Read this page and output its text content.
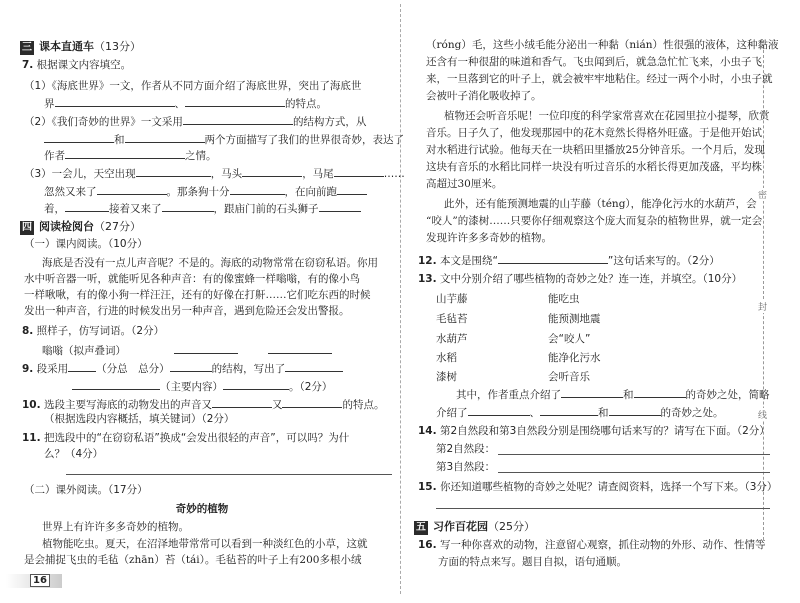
密
封
线
三 课本直通车（13分）
7. 根据课文内容填空。
（1）《海底世界》一文，作者从不同方面介绍了海底世界，突出了海底世
界	、	的特点。
（2）《我们奇妙的世界》一文采用	的结构方式，从
和	两个方面描写了我们的世界很奇妙，表达了
作者	之情。
（3）一会儿，天空出现	，马头	，马尾	……
忽然又来了	。那条狗十分	，在向前跑
着，	接着又来了	，跟庙门前的石头狮子
四 阅读检阅台（27分）
（一）课内阅读。（10分）
海底是否没有一点儿声音呢？不是的。海底的动物常常在窃窃私语。你用
水中听音器一听，就能听见各种声音：有的像蜜蜂一样嗡嗡，有的像小鸟
一样啾啾，有的像小狗一样汪汪，还有的好像在打鼾……它们吃东西的时候
发出一种声音，行进的时候发出另一种声音，遇到危险还会发出警报。
8. 照样子，仿写词语。（2分）
嗡嗡（拟声叠词）
9. 段采用	（分总　总分）	的结构，写出了
（主要内容）	。（2分）
10. 选段主要写海底的动物发出的声音又	又	的特点。
（根据选段内容概括，填关键词）（2分）
11. 把选段中的“在窃窃私语”换成“会发出很轻的声音”，可以吗？为什
么？（4分）
（二）课外阅读。（17分）
奇妙的植物
世界上有许许多多奇妙的植物。
植物能吃虫。夏天，在沼泽地带常常可以看到一种淡红色的小草，这就
是会捕捉飞虫的毛毡（zhān）苔（tái）。毛毡苔的叶子上有200多根小绒
16
（róng）毛，这些小绒毛能分泌出一种黏（nián）性很强的液体，这种黏液
还含有一种很甜的味道和香气。飞虫闻到后，就急急忙忙飞来，小虫子飞
来，一旦落到它的叶子上，就会被牢牢地粘住。经过一两个小时，小虫子就
会被叶子消化吸收掉了。
植物还会听音乐呢！一位印度的科学家常喜欢在花园里拉小提琴，欣赏
音乐。日子久了，他发现那园中的花木竟然长得格外旺盛。于是他开始试
对水稻进行试验。他每天在一块稻田里播放25分钟音乐。一个月后，发现
这块有音乐的水稻比同样一块没有听过音乐的水稻长得更加茂盛，平均株
高超过30厘米。
此外，还有能预测地震的山芋藤（téng），能净化污水的水葫芦，会
“咬人”的漆树……只要你仔细观察这个庞大而复杂的植物世界，就一定会
发现许许多多奇妙的植物。
12. 本文是围绕“	”这句话来写的。（2分）
13. 文中分别介绍了哪些植物的奇妙之处？连一连，并填空。（10分）
山芋藤	能吃虫
毛毡苔	能预测地震
水葫芦	会“咬人”
水稻	能净化污水
漆树	会听音乐
其中，作者重点介绍了	和	的奇妙之处，简略
介绍了	、	和	的奇妙之处。
14. 第2自然段和第3自然段分别是围绕哪句话来写的？请写在下面。（2分）
第2自然段：
第3自然段：
15. 你还知道哪些植物的奇妙之处呢？请查阅资料，选择一个写下来。（3分）
五 习作百花园（25分）
16. 写一种你喜欢的动物，注意留心观察，抓住动物的外形、动作、性情等
方面的特点来写。题目自拟，语句通顺。
